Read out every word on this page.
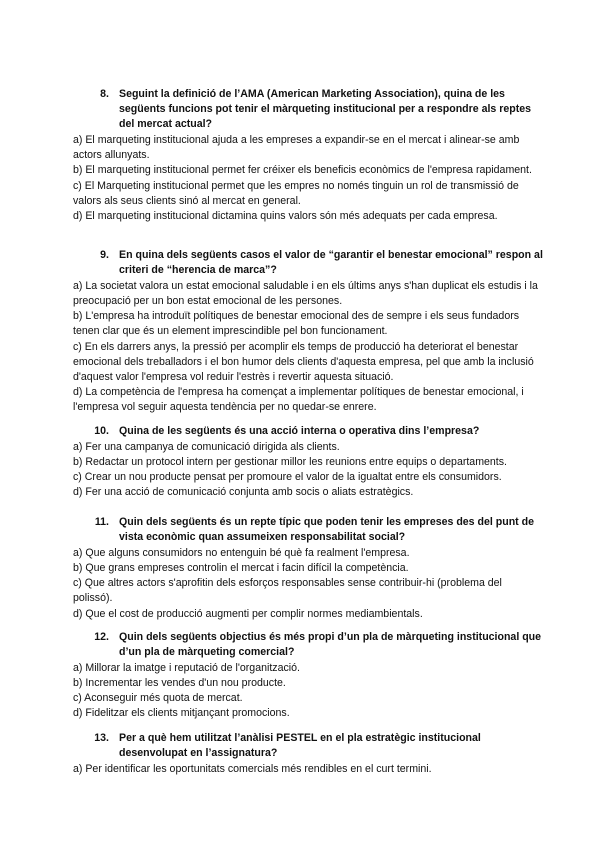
8. Seguint la definició de l’AMA (American Marketing Association), quina de les següents funcions pot tenir el màrqueting institucional per a respondre als reptes del mercat actual?

a) El marqueting institucional ajuda a les empreses a expandir-se en el mercat i alinear-se amb actors allunyats.

b) El marqueting institucional permet fer créixer els beneficis econòmics de l'empresa rapidament.

c) El Marqueting institucional permet que les empres no només tinguin un rol de transmissió de valors als seus clients sinó al mercat en general.

d) El marqueting institucional dictamina quins valors són més adequats per cada empresa.

9. En quina dels següents casos el valor de “garantir el benestar emocional” respon al criteri de “herencia de marca”?

a) La societat valora un estat emocional saludable i en els últims anys s'han duplicat els estudis i la preocupació per un bon estat emocional de les persones.

b) L'empresa ha introduït polítiques de benestar emocional des de sempre i els seus fundadors tenen clar que és un element imprescindible pel bon funcionament.

c) En els darrers anys, la pressió per acomplir els temps de producció ha deteriorat el benestar emocional dels treballadors i el bon humor dels clients d'aquesta empresa, pel que amb la inclusió d'aquest valor l'empresa vol reduir l'estrès i revertir aquesta situació.

d) La competència de l'empresa ha començat a implementar polítiques de benestar emocional, i l'empresa vol seguir aquesta tendència per no quedar-se enrere.

10. Quina de les següents és una acció interna o operativa dins l’empresa?

a) Fer una campanya de comunicació dirigida als clients.

b) Redactar un protocol intern per gestionar millor les reunions entre equips o departaments.

c) Crear un nou producte pensat per promoure el valor de la igualtat entre els consumidors.

d) Fer una acció de comunicació conjunta amb socis o aliats estratègics.

11. Quin dels següents és un repte típic que poden tenir les empreses des del punt de vista econòmic quan assumeixen responsabilitat social?

a) Que alguns consumidors no entenguin bé què fa realment l'empresa.

b) Que grans empreses controlin el mercat i facin difícil la competència.

c) Que altres actors s'aprofitin dels esforços responsables sense contribuir-hi (problema del polissó).

d) Que el cost de producció augmenti per complir normes mediambientals.

12. Quin dels següents objectius és més propi d’un pla de màrqueting institucional que d’un pla de màrqueting comercial?

a) Millorar la imatge i reputació de l'organització.

b) Incrementar les vendes d'un nou producte.

c) Aconseguir més quota de mercat.

d) Fidelitzar els clients mitjançant promocions.

13. Per a què hem utilitzat l’anàlisi PESTEL en el pla estratègic institucional desenvolupat en l’assignatura?

a) Per identificar les oportunitats comercials més rendibles en el curt termini.
